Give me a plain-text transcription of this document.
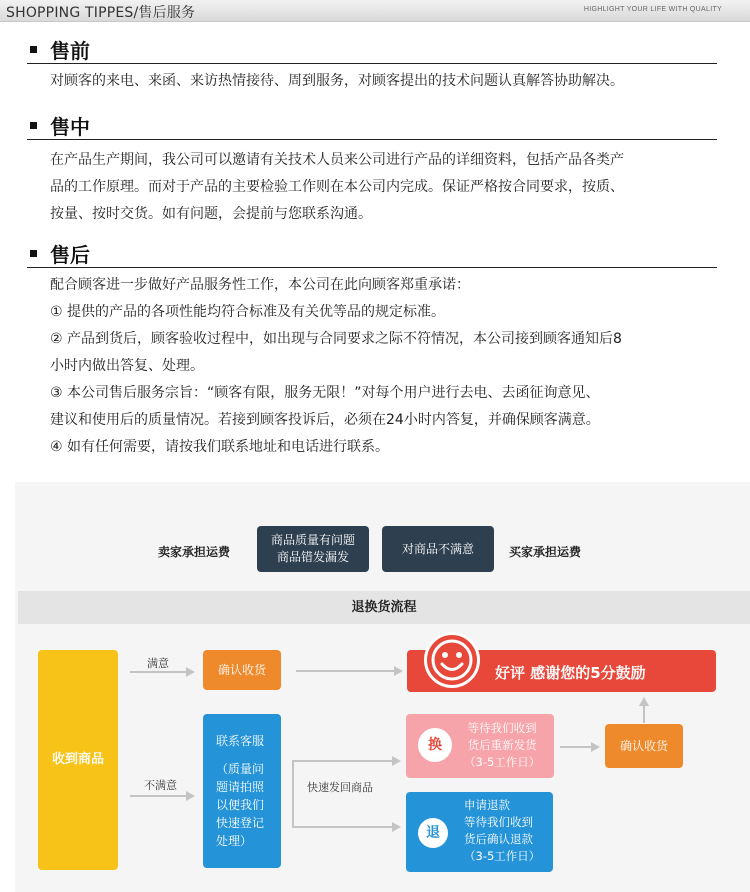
SHOPPING TIPPES/售后服务	HIGHLIGHT YOUR LIFE WITH QUALITY
售前
对顾客的来电、来函、来访热情接待、周到服务，对顾客提出的技术问题认真解答协助解决。
售中
在产品生产期间，我公司可以邀请有关技术人员来公司进行产品的详细资料，包括产品各类产
品的工作原理。而对于产品的主要检验工作则在本公司内完成。保证严格按合同要求，按质、
按量、按时交货。如有问题，会提前与您联系沟通。
售后
配合顾客进一步做好产品服务性工作，本公司在此向顾客郑重承诺：
① 提供的产品的各项性能均符合标准及有关优等品的规定标准。
② 产品到货后，顾客验收过程中，如出现与合同要求之际不符情况，本公司接到顾客通知后8
小时内做出答复、处理。
③ 本公司售后服务宗旨：“顾客有限，服务无限！”对每个用户进行去电、去函征询意见、
建议和使用后的质量情况。若接到顾客投诉后，必须在24小时内答复，并确保顾客满意。
④ 如有任何需要，请按我们联系地址和电话进行联系。
卖家承担运费
商品质量有问题
商品错发漏发
对商品不满意	买家承担运费
退换货流程
收到商品
满意	确认收货	好评 感谢您的5分鼓励
不满意
联系客服
（质量问
题请拍照
以便我们
快速登记
处理）
快速发回商品
换
等待我们收到
货后重新发货
（3-5工作日）
确认收货
退
申请退款
等待我们收到
货后确认退款
（3-5工作日）
